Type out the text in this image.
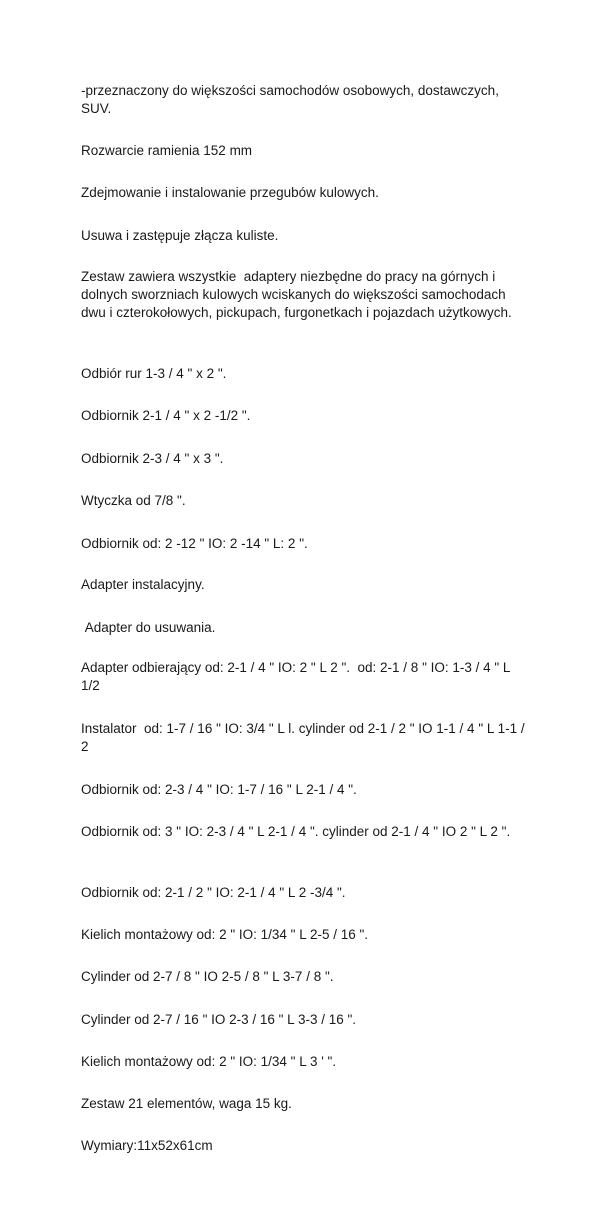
-przeznaczony do większości samochodów osobowych, dostawczych, SUV.

Rozwarcie ramienia 152 mm

Zdejmowanie i instalowanie przegubów kulowych.

Usuwa i zastępuje złącza kuliste.

Zestaw zawiera wszystkie  adaptery niezbędne do pracy na górnych i dolnych sworzniach kulowych wciskanych do większości samochodach dwu i czterokołowych, pickupach, furgonetkach i pojazdach użytkowych.

Odbiór rur 1-3 / 4 " x 2 ".

Odbiornik 2-1 / 4 " x 2 -1/2 ".

Odbiornik 2-3 / 4 " x 3 ".

Wtyczka od 7/8 ".

Odbiornik od: 2 -12 " IO: 2 -14 " L: 2 ".

Adapter instalacyjny.

Adapter do usuwania.

Adapter odbierający od: 2-1 / 4 " IO: 2 " L 2 ".  od: 2-1 / 8 " IO: 1-3 / 4 " L 1/2

Instalator  od: 1-7 / 16 " IO: 3/4 " L l. cylinder od 2-1 / 2 " IO 1-1 / 4 " L 1-1 / 2

Odbiornik od: 2-3 / 4 " IO: 1-7 / 16 " L 2-1 / 4 ".

Odbiornik od: 3 " IO: 2-3 / 4 " L 2-1 / 4 ". cylinder od 2-1 / 4 " IO 2 " L 2 ".

Odbiornik od: 2-1 / 2 " IO: 2-1 / 4 " L 2 -3/4 ".

Kielich montażowy od: 2 " IO: 1/34 " L 2-5 / 16 ".

Cylinder od 2-7 / 8 " IO 2-5 / 8 " L 3-7 / 8 ".

Cylinder od 2-7 / 16 " IO 2-3 / 16 " L 3-3 / 16 ".

Kielich montażowy od: 2 " IO: 1/34 " L 3 ' ".

Zestaw 21 elementów, waga 15 kg.

Wymiary:11x52x61cm
